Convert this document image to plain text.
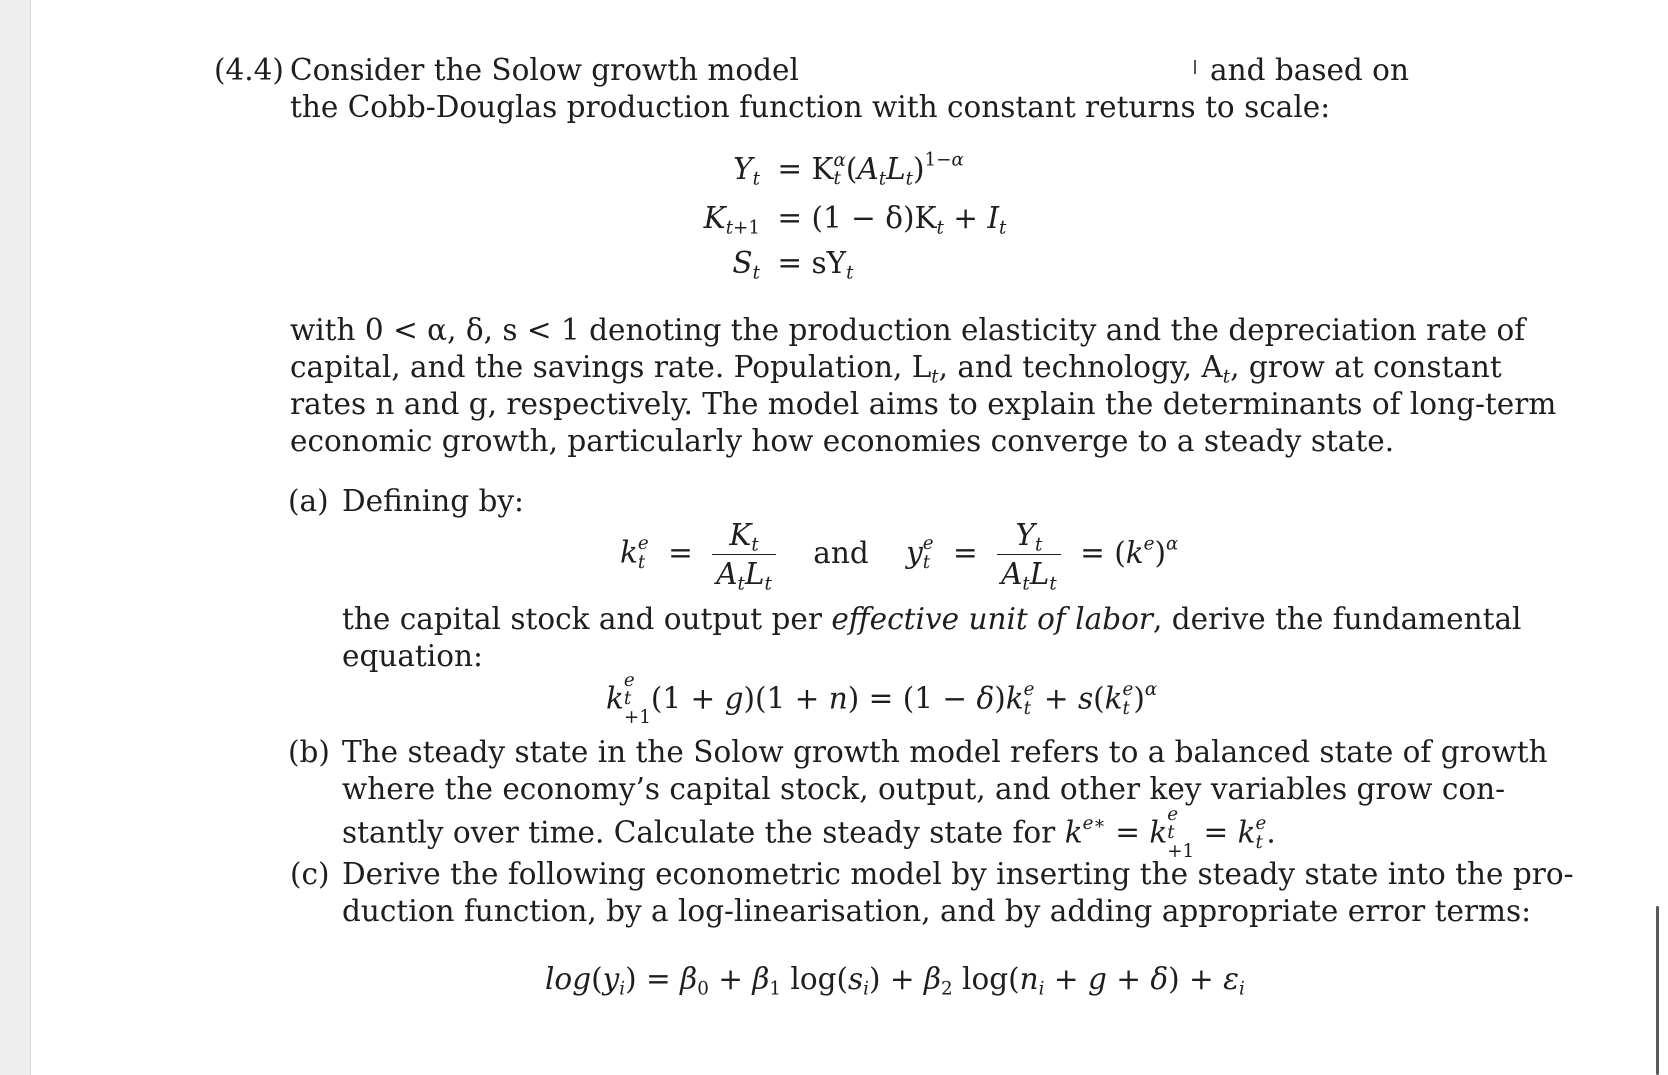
(4.4) Consider the Solow growth model	and based on
the Cobb-Douglas production function with constant returns to scale:
$Y_t = K$ α
t $(A_tL_t)^{1-\alpha}$
$K_{t+1} = (1 - \delta)K_t + I_t$
$S_t = sY_t$
with 0 < α, δ, s < 1 denoting the production elasticity and the depreciation rate of
capital, and the savings rate. Population, $L_t$, and technology, $A_t$, grow at constant
rates n and g, respectively. The model aims to explain the determinants of long-term
economic growth, particularly how economies converge to a steady state.
(a) Defining by:
k e
$t = \frac{K_t}{A_tL_t}$ and y e
$t = \frac{Y_t}{A_tL_t} = (k^e)^\alpha$
the capital stock and output per effective unit of labor, derive the fundamental
equation:
k
e
t
+1
(1 + g)(1 + n) = (1 − δ)k e
t + s(k e
t )$^\alpha$
(b) The steady state in the Solow growth model refers to a balanced state of growth
where the economy’s capital stock, output, and other key variables grow con-
stantly over time. Calculate the steady state for $k^{e∗} = k$
e
t
+1
= k e
t .
(c) Derive the following econometric model by inserting the steady state into the pro-
duction function, by a log-linearisation, and by adding appropriate error terms:
$\log(y_i) = \beta_0 + \beta_1$ $\log(s_i) + \beta_2$ $\log(n_i + g + \delta) + \varepsilon_i$
